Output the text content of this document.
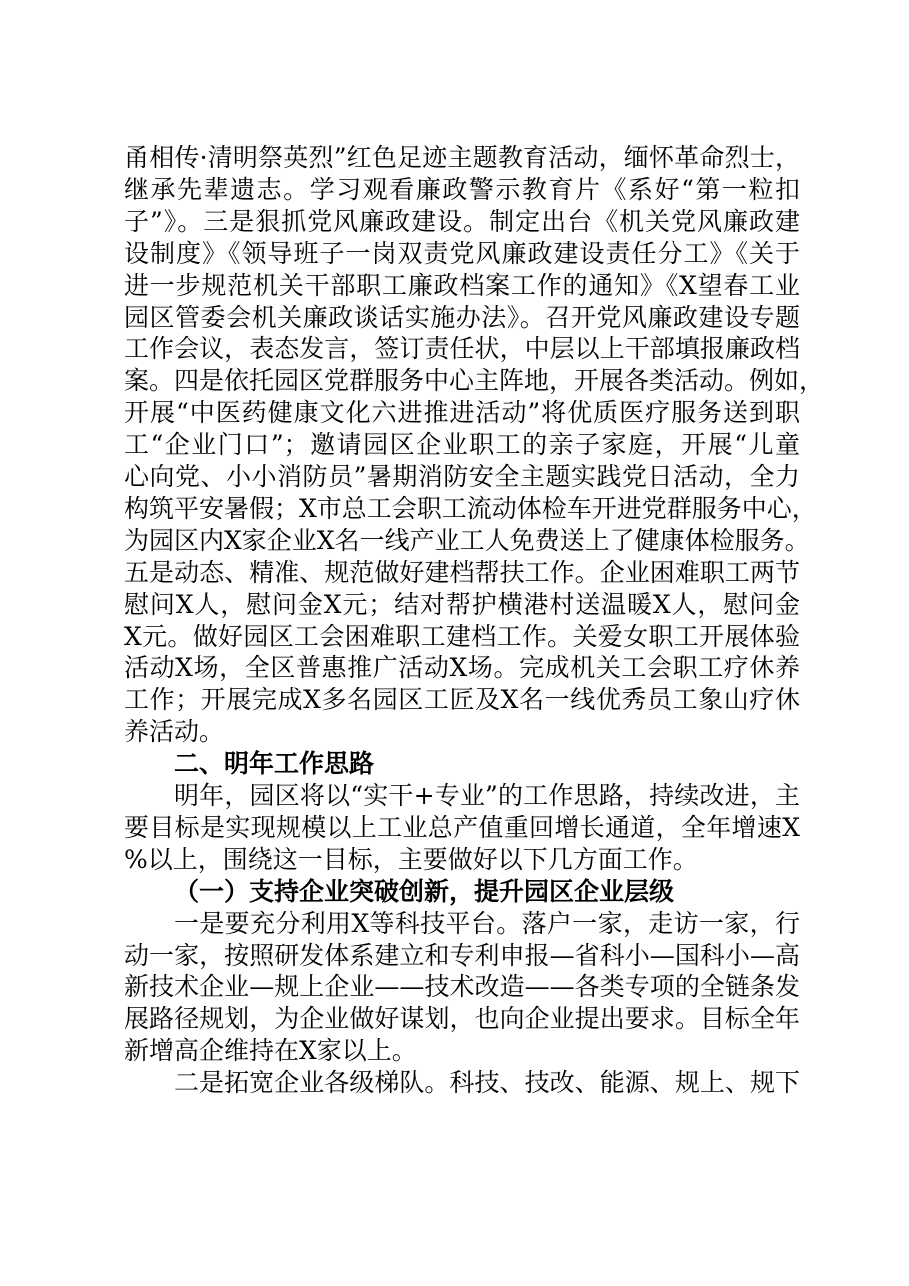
甬相传·清明祭英烈”红色足迹主题教育活动，缅怀革命烈士，
继承先辈遗志。学习观看廉政警示教育片《系好“第一粒扣
子”》。三是狠抓党风廉政建设。制定出台《机关党风廉政建
设制度》《领导班子一岗双责党风廉政建设责任分工》《关于
进一步规范机关干部职工廉政档案工作的通知》《X望春工业
园区管委会机关廉政谈话实施办法》。召开党风廉政建设专题
工作会议，表态发言，签订责任状，中层以上干部填报廉政档
案。四是依托园区党群服务中心主阵地，开展各类活动。例如，
开展“中医药健康文化六进推进活动”将优质医疗服务送到职
工“企业门口”；邀请园区企业职工的亲子家庭，开展“儿童
心向党、小小消防员”暑期消防安全主题实践党日活动，全力
构筑平安暑假；X市总工会职工流动体检车开进党群服务中心，
为园区内X家企业X名一线产业工人免费送上了健康体检服务。
五是动态、精准、规范做好建档帮扶工作。企业困难职工两节
慰问X人，慰问金X元；结对帮护横港村送温暖X人，慰问金
X元。做好园区工会困难职工建档工作。关爱女职工开展体验
活动X场，全区普惠推广活动X场。完成机关工会职工疗休养
工作；开展完成X多名园区工匠及X名一线优秀员工象山疗休
养活动。
二、明年工作思路
明年，园区将以“实干+专业”的工作思路，持续改进，主
要目标是实现规模以上工业总产值重回增长通道，全年增速X
%以上，围绕这一目标，主要做好以下几方面工作。
（一）支持企业突破创新，提升园区企业层级
一是要充分利用X等科技平台。落户一家，走访一家，行
动一家，按照研发体系建立和专利申报—省科小—国科小—高
新技术企业—规上企业——技术改造——各类专项的全链条发
展路径规划，为企业做好谋划，也向企业提出要求。目标全年
新增高企维持在X家以上。
二是拓宽企业各级梯队。科技、技改、能源、规上、规下
